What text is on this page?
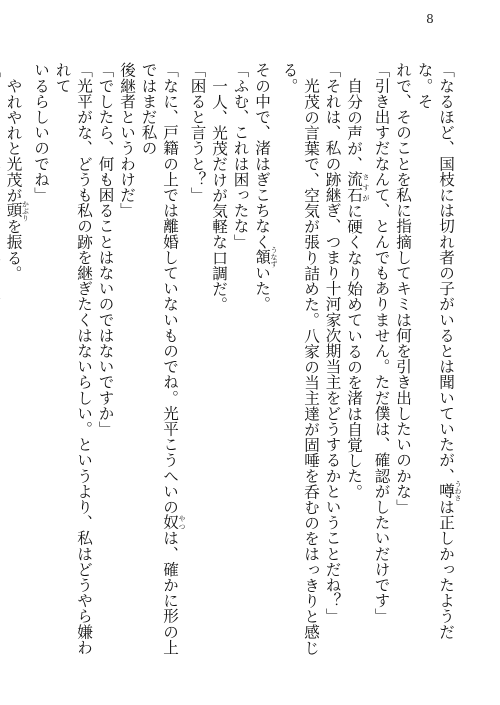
8

「なるほど、国枝には切れ者の子がいるとは聞いていたが、噂 うわさは正しかったようだな。そ

れで、そのことを私に指摘してキミは何を引き出したいのかな」

「引き出すだなんて、とんでもありません。ただ僕は、確認がしたいだけです」

自分の声が、流石 さすがに硬くなり始めているのを渚は自覚した。

「それは、私の跡継ぎ、つまり十河家次期当主をどうするかということだね？」

光茂の言葉で、空気が張り詰めた。八家の当主達が固唾を呑むのをはっきりと感じる。

その中で、渚はぎこちなく頷 うなずいた。

「ふむ、これは困ったな」

一人、光茂だけが気軽な口調だ。

「困ると言うと？」

「なに、戸籍の上では離婚していないものでね。光平こうへいの奴 やつは、確かに形の上ではまだ私の

後継者というわけだ」

「でしたら、何も困ることはないのではないですか」

「光平がな、どうも私の跡を継ぎたくはないらしい。というより、私はどうやら嫌われて

いるらしいのでね」

やれやれと光茂が頭 かぶりを振る。
